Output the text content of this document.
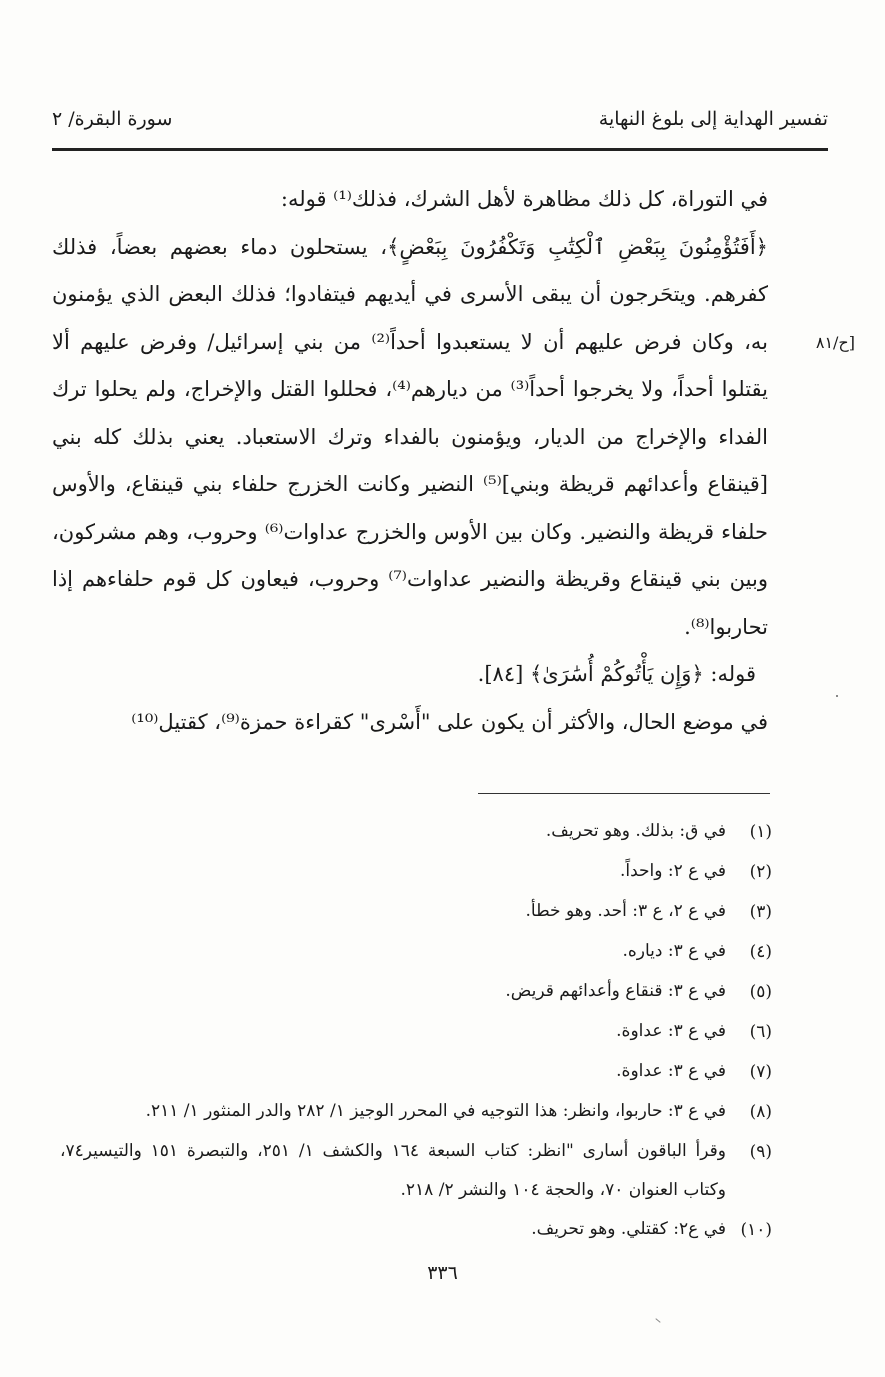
تفسير الهداية إلى بلوغ النهاية
سورة البقرة/ ٢
[ح/٨١

في التوراة، كل ذلك مظاهرة لأهل الشرك، فذلك⁽¹⁾ قوله:

﴿أَفَتُؤْمِنُونَ بِبَعْضِ ٱلْكِتَٰبِ وَتَكْفُرُونَ بِبَعْضٍ﴾، يستحلون دماء بعضهم بعضاً، فذلك كفرهم. ويتحَرجون أن يبقى الأسرى في أيديهم فيتفادوا؛ فذلك البعض الذي يؤمنون به، وكان فرض عليهم أن لا يستعبدوا أحداً⁽²⁾ من بني إسرائيل/ وفرض عليهم ألا يقتلوا أحداً، ولا يخرجوا أحداً⁽³⁾ من ديارهم⁽⁴⁾، فحللوا القتل والإخراج، ولم يحلوا ترك الفداء والإخراج من الديار، ويؤمنون بالفداء وترك الاستعباد. يعني بذلك كله بني [قينقاع وأعدائهم قريظة وبني]⁽⁵⁾ النضير وكانت الخزرج حلفاء بني قينقاع، والأوس حلفاء قريظة والنضير. وكان بين الأوس والخزرج عداوات⁽⁶⁾ وحروب، وهم مشركون، وبين بني قينقاع وقريظة والنضير عداوات⁽⁷⁾ وحروب، فيعاون كل قوم حلفاءهم إذا تحاربوا⁽⁸⁾.

قوله: ﴿وَإِن يَأْتُوكُمْ أُسَٰرَىٰ﴾ [٨٤].

في موضع الحال، والأكثر أن يكون على "أَسْرى" كقراءة حمزة⁽⁹⁾، كقتيل⁽¹⁰⁾

(١)
في ق: بذلك. وهو تحريف.
(٢)
في ع ٢: واحداً.
(٣)
في ع ٢، ع ٣: أحد. وهو خطأ.
(٤)
في ع ٣: دياره.
(٥)
في ع ٣: قنقاع وأعدائهم قريض.
(٦)
في ع ٣: عداوة.
(٧)
في ع ٣: عداوة.
(٨)
في ع ٣: حاربوا، وانظر: هذا التوجيه في المحرر الوجيز ١/ ٢٨٢ والدر المنثور ١/ ٢١١.
(٩)
وقرأ الباقون أسارى "انظر: كتاب السبعة ١٦٤ والكشف ١/ ٢٥١، والتبصرة ١٥١ والتيسير٧٤، وكتاب العنوان ٧٠، والحجة ١٠٤ والنشر ٢/ ٢١٨.
(١٠)
في ع٢: كقتلي. وهو تحريف.
٣٣٦
